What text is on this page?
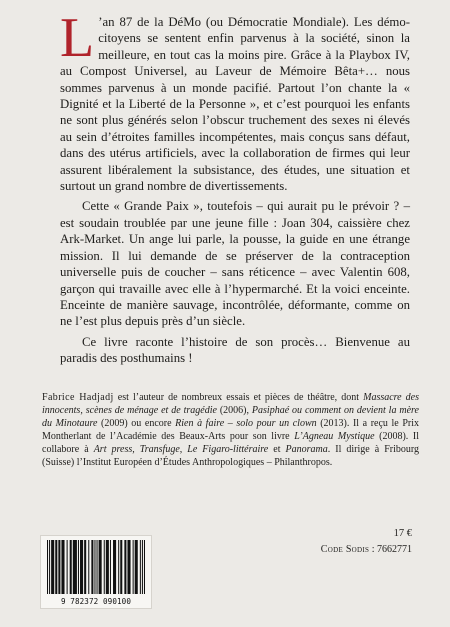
L ’an 87 de la DéMo (ou Démocratie Mondiale). Les démo-citoyens se sentent enfin parvenus à la société, sinon la meilleure, en tout cas la moins pire. Grâce à la Playbox IV, au Compost Universel, au Laveur de Mémoire Bêta+… nous sommes parvenus à un monde pacifié. Partout l’on chante la « Dignité et la Liberté de la Personne », et c’est pourquoi les enfants ne sont plus générés selon l’obscur truchement des sexes ni élevés au sein d’étroites familles incompétentes, mais conçus sans défaut, dans des utérus artificiels, avec la collaboration de firmes qui leur assurent libéralement la subsistance, des études, une situation et surtout un grand nombre de divertissements.

Cette « Grande Paix », toutefois – qui aurait pu le prévoir ? – est soudain troublée par une jeune fille : Joan 304, caissière chez Ark-Market. Un ange lui parle, la pousse, la guide en une étrange mission. Il lui demande de se préserver de la contraception universelle puis de coucher – sans réticence – avec Valentin 608, garçon qui travaille avec elle à l’hypermarché. Et la voici enceinte. Enceinte de manière sauvage, incontrôlée, déformante, comme on ne l’est plus depuis près d’un siècle.

Ce livre raconte l’histoire de son procès… Bienvenue au paradis des posthumains !

Fabrice Hadjadj est l’auteur de nombreux essais et pièces de théâtre, dont Massacre des innocents, scènes de ménage et de tragédie (2006), Pasiphaé ou comment on devient la mère du Minotaure (2009) ou encore Rien à faire – solo pour un clown (2013). Il a reçu le Prix Montherlant de l’Académie des Beaux-Arts pour son livre L’Agneau Mystique (2008). Il collabore à Art press, Transfuge, Le Figaro-littéraire et Panorama. Il dirige à Fribourg (Suisse) l’Institut Européen d’Études Anthropologiques – Philanthropos.
9 782372 090100
17 €
Code Sodis : 7662771
